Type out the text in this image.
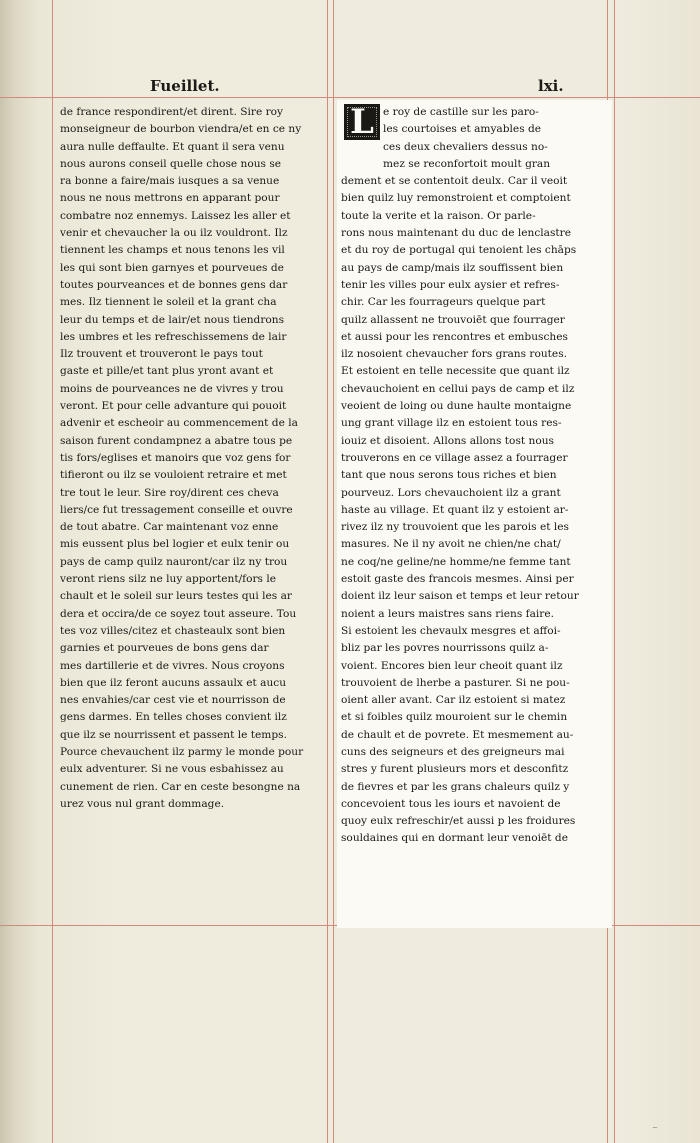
Fueillet.	lxi.
de france respondirent/et dirent. Sire roy
monseigneur de bourbon viendra/et en ce ny
aura nulle deffaulte. Et quant il sera venu
nous aurons conseil quelle chose nous se
ra bonne a faire/mais iusques a sa venue
nous ne nous mettrons en apparant pour
combatre noz ennemys. Laissez les aller et
venir et chevaucher la ou ilz vouldront. Ilz
tiennent les champs et nous tenons les vil
les qui sont bien garnyes et pourveues de
toutes pourveances et de bonnes gens dar
mes. Ilz tiennent le soleil et la grant cha
leur du temps et de lair/et nous tiendrons
les umbres et les refreschissemens de lair
Ilz trouvent et trouveront le pays tout
gaste et pille/et tant plus yront avant et
moins de pourveances ne de vivres y trou
veront. Et pour celle advanture qui pouoit
advenir et escheoir au commencement de la
saison furent condampnez a abatre tous pe
tis fors/eglises et manoirs que voz gens for
tifieront ou ilz se vouloient retraire et met
tre tout le leur. Sire roy/dirent ces cheva
liers/ce fut tressagement conseille et ouvre
de tout abatre. Car maintenant voz enne
mis eussent plus bel logier et eulx tenir ou
pays de camp quilz nauront/car ilz ny trou
veront riens silz ne luy apportent/fors le
chault et le soleil sur leurs testes qui les ar
dera et occira/de ce soyez tout asseure. Tou
tes voz villes/citez et chasteaulx sont bien
garnies et pourveues de bons gens dar
mes dartillerie et de vivres. Nous croyons
bien que ilz feront aucuns assaulx et aucu
nes envahies/car cest vie et nourrisson de
gens darmes. En telles choses convient ilz
que ilz se nourrissent et passent le temps.
Pource chevauchent ilz parmy le monde pour
eulx adventurer. Si ne vous esbahissez au
cunement de rien. Car en ceste besongne na
urez vous nul grant dommage.
e roy de castille sur les paro-
les courtoises et amyables de
ces deux chevaliers dessus no-
mez se reconfortoit moult gran
dement et se contentoit deulx. Car il veoit
bien quilz luy remonstroient et comptoient
toute la verite et la raison. Or parle-
rons nous maintenant du duc de lenclastre
et du roy de portugal qui tenoient les chāps
au pays de camp/mais ilz souffissent bien
tenir les villes pour eulx aysier et refres-
chir. Car les fourrageurs quelque part
quilz allassent ne trouvoiēt que fourrager
et aussi pour les rencontres et embusches
ilz nosoient chevaucher fors grans routes.
Et estoient en telle necessite que quant ilz
chevauchoient en cellui pays de camp et ilz
veoient de loing ou dune haulte montaigne
ung grant village ilz en estoient tous res-
iouiz et disoient. Allons allons tost nous
trouverons en ce village assez a fourrager
tant que nous serons tous riches et bien
pourveuz. Lors chevauchoient ilz a grant
haste au village. Et quant ilz y estoient ar-
rivez ilz ny trouvoient que les parois et les
masures. Ne il ny avoit ne chien/ne chat/
ne coq/ne geline/ne homme/ne femme tant
estoit gaste des francois mesmes. Ainsi per
doient ilz leur saison et temps et leur retour
noient a leurs maistres sans riens faire.
Si estoient les chevaulx mesgres et affoi-
bliz par les povres nourrissons quilz a-
voient. Encores bien leur cheoit quant ilz
trouvoient de lherbe a pasturer. Si ne pou-
oient aller avant. Car ilz estoient si matez
et si foibles quilz mouroient sur le chemin
de chault et de povrete. Et mesmement au-
cuns des seigneurs et des greigneurs mai
stres y furent plusieurs mors et desconfitz
de fievres et par les grans chaleurs quilz y
concevoient tous les iours et navoient de
quoy eulx refreschir/et aussi p les froidures
souldaines qui en dormant leur venoiēt de
L
~
